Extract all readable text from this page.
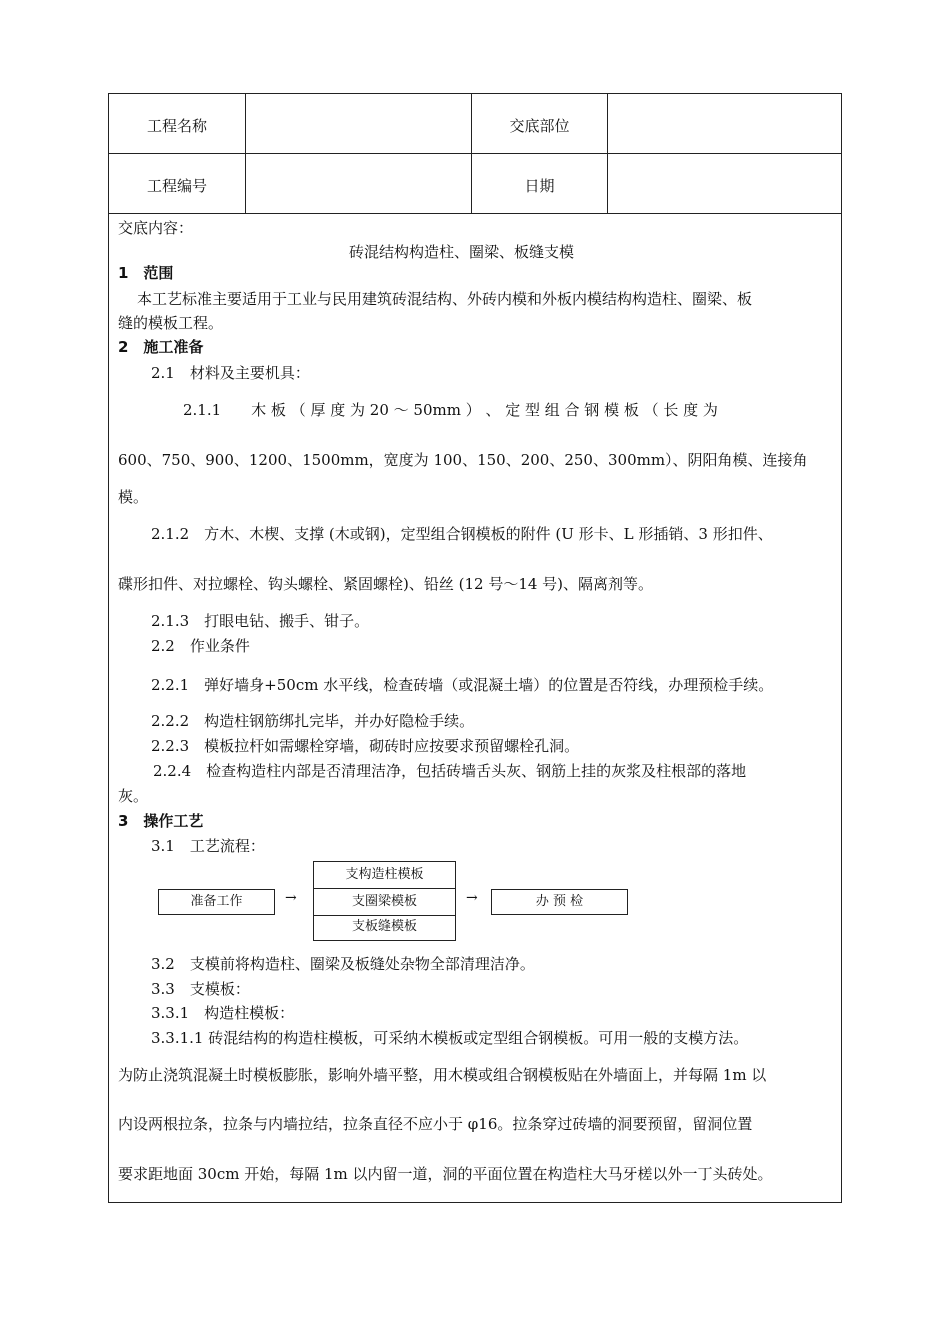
工程名称	交底部位
工程编号	日期
交底内容：
砖混结构构造柱、圈梁、板缝支模
1　范围
本工艺标准主要适用于工业与民用建筑砖混结构、外砖内模和外板内模结构构造柱、圈梁、板
缝的模板工程。
2　施工准备
2.1　材料及主要机具：
2.1.1　　木 板 （ 厚 度 为 20 ～ 50mm ） 、 定 型 组 合 钢 模 板 （ 长 度 为
600、750、900、1200、1500mm，宽度为 100、150、200、250、300mm）、阴阳角模、连接角
模。
2.1.2　方木、木楔、支撑 (木或钢)，定型组合钢模板的附件 (U 形卡、L 形插销、3 形扣件、
碟形扣件、对拉螺栓、钩头螺栓、紧固螺栓)、铅丝 (12 号～14 号)、隔离剂等。
2.1.3　打眼电钻、搬手、钳子。
2.2　作业条件
2.2.1　弹好墙身+50cm 水平线，检查砖墙（或混凝土墙）的位置是否符线，办理预检手续。
2.2.2　构造柱钢筋绑扎完毕，并办好隐检手续。
2.2.3　模板拉杆如需螺栓穿墙，砌砖时应按要求预留螺栓孔洞。
2.2.4　检查构造柱内部是否清理洁净，包括砖墙舌头灰、钢筋上挂的灰浆及柱根部的落地
灰。
3　操作工艺
3.1　工艺流程：
准备工作	→
支构造柱模板
支圈梁模板
支板缝模板
→	办 预 检
3.2　支模前将构造柱、圈梁及板缝处杂物全部清理洁净。
3.3　支模板：
3.3.1　构造柱模板：
3.3.1.1 砖混结构的构造柱模板，可采纳木模板或定型组合钢模板。可用一般的支模方法。
为防止浇筑混凝土时模板膨胀，影响外墙平整，用木模或组合钢模板贴在外墙面上，并每隔 1m 以
内设两根拉条，拉条与内墙拉结，拉条直径不应小于 φ16。拉条穿过砖墙的洞要预留，留洞位置
要求距地面 30cm 开始，每隔 1m 以内留一道，洞的平面位置在构造柱大马牙槎以外一丁头砖处。
